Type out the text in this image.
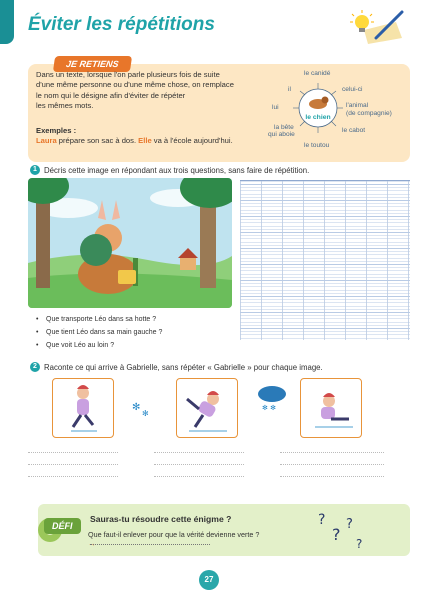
Éviter les répétitions
JE RETIENS
Dans un texte, lorsque l'on parle plusieurs fois de suite
d'une même personne ou d'une même chose, on remplace
le nom qui le désigne afin d'éviter de répéter
les mêmes mots.
Exemples :
Laura prépare son sac à dos. Elle va à l'école aujourd'hui.
le chien
le canidé
il	celui-ci
lui	l'animal
(de compagnie)
la bête
qui aboie
le cabot
le toutou
1 Décris cette image en répondant aux trois questions, sans faire de répétition.
• Que transporte Léo dans sa hotte ?
• Que tient Léo dans sa main gauche ?
• Que voit Léo au loin ?
2 Raconte ce qui arrive à Gabrielle, sans répéter « Gabrielle » pour chaque image.
✻
✻
✻ ✻
DÉFI
Sauras-tu résoudre cette énigme ?
Que faut-il enlever pour que la vérité devienne verte ?
→
?
?
?
?
27
